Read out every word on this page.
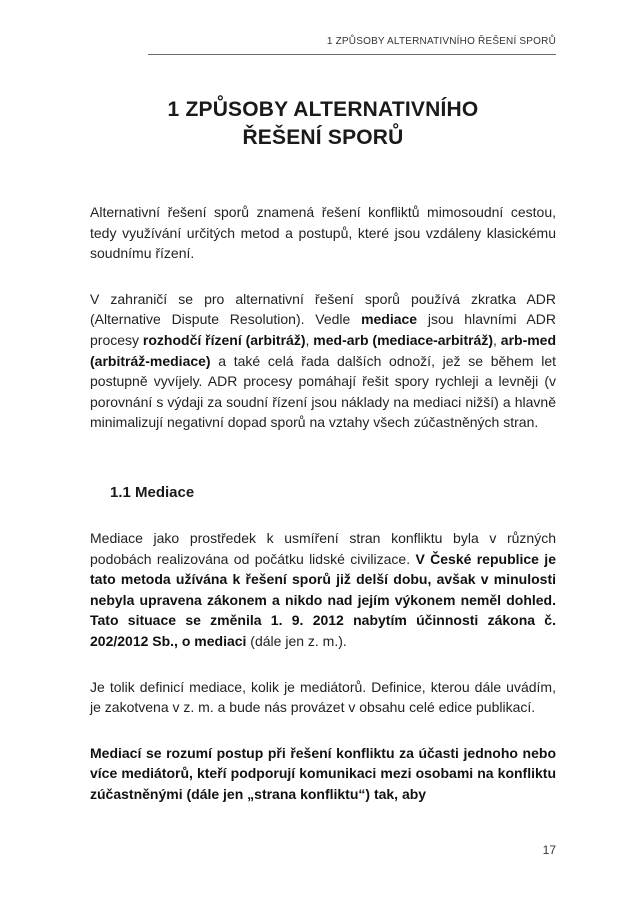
1 ZPŮSOBY ALTERNATIVNÍHO ŘEŠENÍ SPORŮ
1 ZPŮSOBY ALTERNATIVNÍHO
ŘEŠENÍ SPORŮ

Alternativní řešení sporů znamená řešení konfliktů mimosoudní cestou, tedy využívání určitých metod a postupů, které jsou vzdáleny klasickému soudnímu řízení.

V zahraničí se pro alternativní řešení sporů používá zkratka ADR (Alternative Dispute Resolution). Vedle mediace jsou hlavními ADR procesy rozhodčí řízení (arbitráž), med-arb (mediace-arbitráž), arb-med (arbitráž-mediace) a také celá řada dalších odnoží, jež se během let postupně vyvíjely. ADR procesy pomáhají řešit spory rychleji a levněji (v porovnání s výdaji za soudní řízení jsou náklady na mediaci nižší) a hlavně minimalizují negativní dopad sporů na vztahy všech zúčastněných stran.

1.1 Mediace

Mediace jako prostředek k usmíření stran konfliktu byla v různých podobách realizována od počátku lidské civilizace. V České republice je tato metoda užívána k řešení sporů již delší dobu, avšak v minulosti nebyla upravena zákonem a nikdo nad jejím výkonem neměl dohled. Tato situace se změnila 1. 9. 2012 nabytím účinnosti zákona č. 202/2012 Sb., o mediaci (dále jen z. m.).

Je tolik definicí mediace, kolik je mediátorů. Definice, kterou dále uvádím, je zakotvena v z. m. a bude nás provázet v obsahu celé edice publikací.

Mediací se rozumí postup při řešení konfliktu za účasti jednoho nebo více mediátorů, kteří podporují komunikaci mezi osobami na konfliktu zúčastněnými (dále jen „strana konfliktu“) tak, aby

17
